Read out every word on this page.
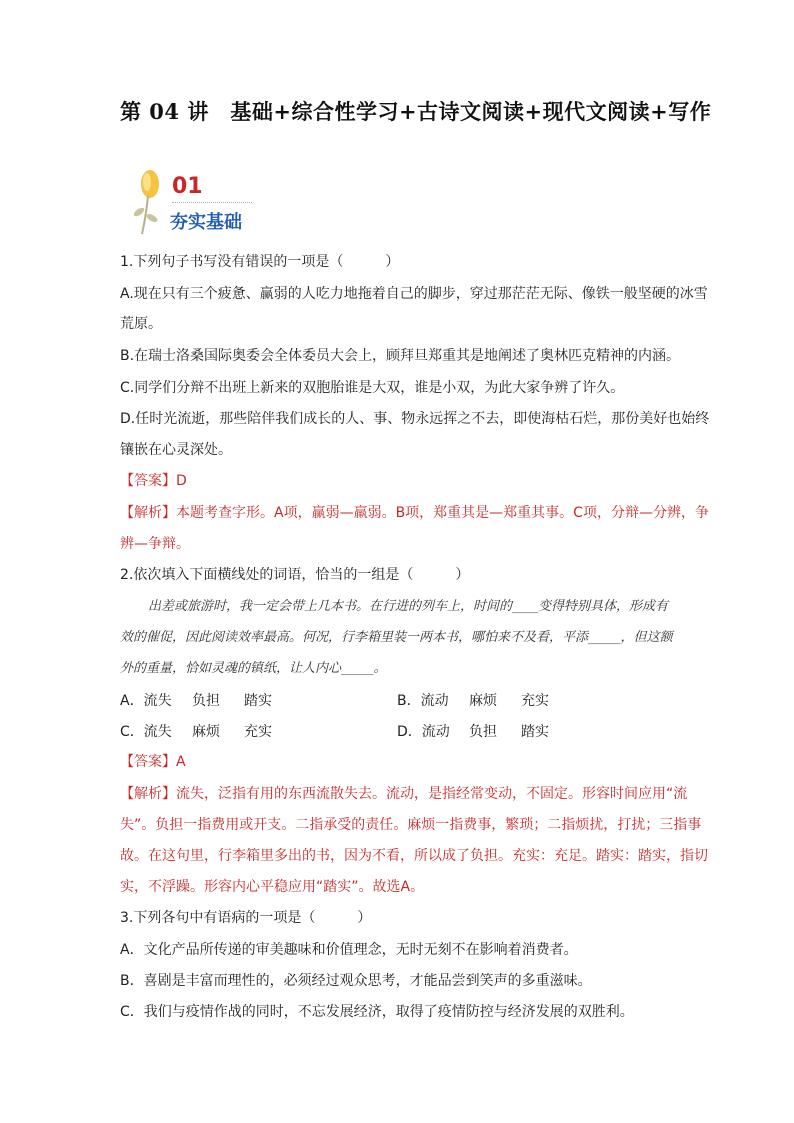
第 04 讲　基础+综合性学习+古诗文阅读+现代文阅读+写作
01
夯实基础
1.下列句子书写没有错误的一项是（　　　）
A.现在只有三个疲惫、赢弱的人吃力地拖着自己的脚步，穿过那茫茫无际、像铁一般坚硬的冰雪
荒原。
B.在瑞士洛桑国际奥委会全体委员大会上，顾拜旦郑重其是地阐述了奥林匹克精神的内涵。
C.同学们分辩不出班上新来的双胞胎谁是大双，谁是小双，为此大家争辨了许久。
D.任时光流逝，那些陪伴我们成长的人、事、物永远挥之不去，即使海枯石烂，那份美好也始终
镶嵌在心灵深处。
【答案】D
【解析】本题考查字形。A项，赢弱—羸弱。B项，郑重其是—郑重其事。C项，分辩—分辨，争
辨—争辩。
2.依次填入下面横线处的词语，恰当的一组是（　　　）
出差或旅游时，我一定会带上几本书。在行进的列车上，时间的____变得特别具体，形成有
效的催促，因此阅读效率最高。何况，行李箱里装一两本书，哪怕来不及看，平添_____，但这额
外的重量，恰如灵魂的镇纸，让人内心_____。
A．流失 负担 踏实	B．流动 麻烦 充实
C．流失 麻烦 充实	D．流动 负担 踏实
【答案】A
【解析】流失，泛指有用的东西流散失去。流动，是指经常变动，不固定。形容时间应用“流
失”。负担一指费用或开支。二指承受的责任。麻烦一指费事，繁琐；二指烦扰，打扰；三指事
故。在这句里，行李箱里多出的书，因为不看，所以成了负担。充实：充足。踏实：踏实，指切
实，不浮躁。形容内心平稳应用“踏实”。故选A。
3.下列各句中有语病的一项是（　　　）
A．文化产品所传递的审美趣味和价值理念，无时无刻不在影响着消费者。
B．喜剧是丰富而理性的，必须经过观众思考，才能品尝到笑声的多重滋味。
C．我们与疫情作战的同时，不忘发展经济，取得了疫情防控与经济发展的双胜利。
